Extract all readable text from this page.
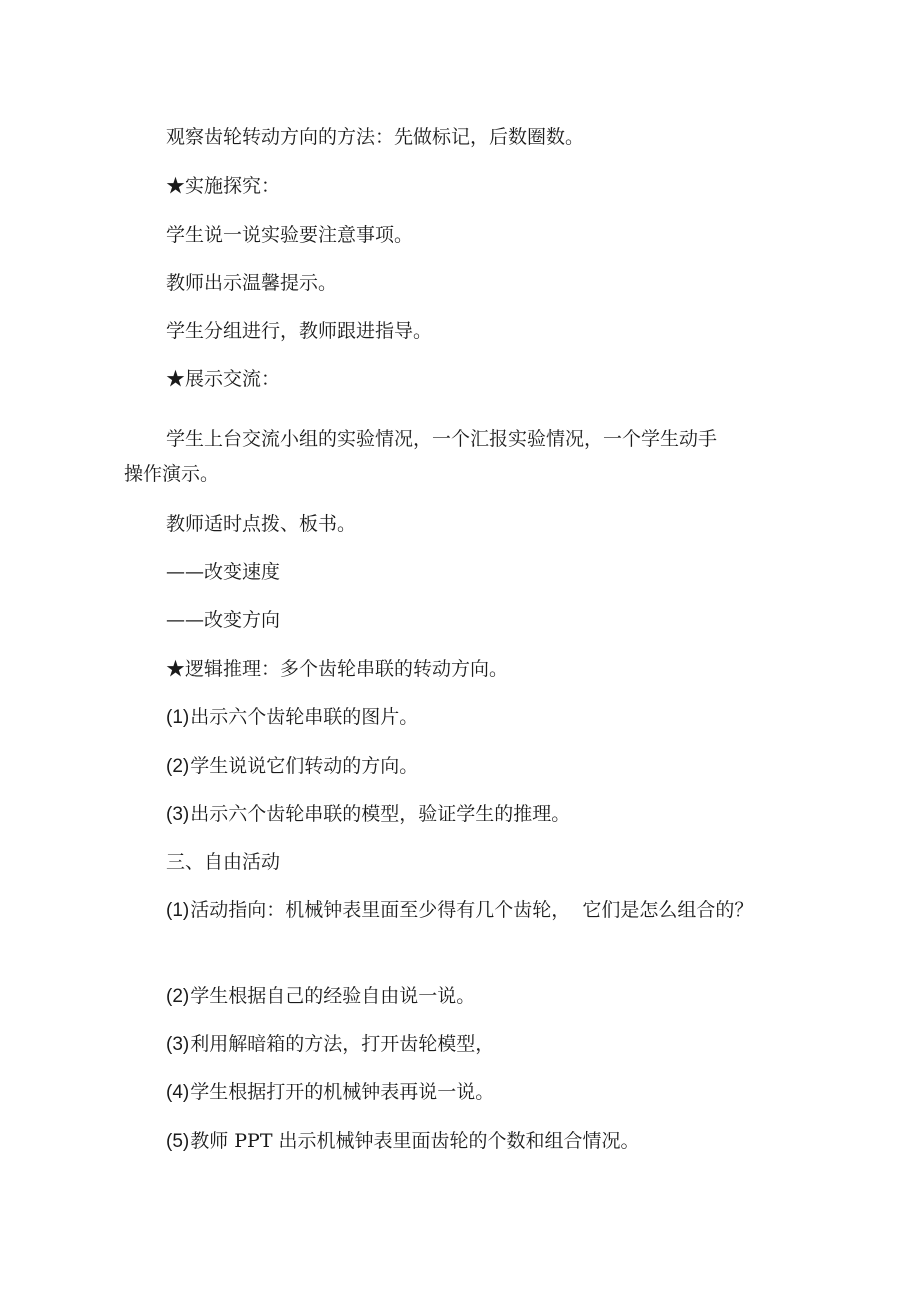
观察齿轮转动方向的方法：先做标记，后数圈数。
★实施探究：
学生说一说实验要注意事项。
教师出示温馨提示。
学生分组进行，教师跟进指导。
★展示交流：
学生上台交流小组的实验情况，一个汇报实验情况，一个学生动手
操作演示。
教师适时点拨、板书。
——改变速度
——改变方向
★逻辑推理：多个齿轮串联的转动方向。
(1)出示六个齿轮串联的图片。
(2)学生说说它们转动的方向。
(3)出示六个齿轮串联的模型，验证学生的推理。
三、自由活动
(1)活动指向：机械钟表里面至少得有几个齿轮，  它们是怎么组合的？
(2)学生根据自己的经验自由说一说。
(3)利用解暗箱的方法，打开齿轮模型，
(4)学生根据打开的机械钟表再说一说。
(5)教师 PPT 出示机械钟表里面齿轮的个数和组合情况。
